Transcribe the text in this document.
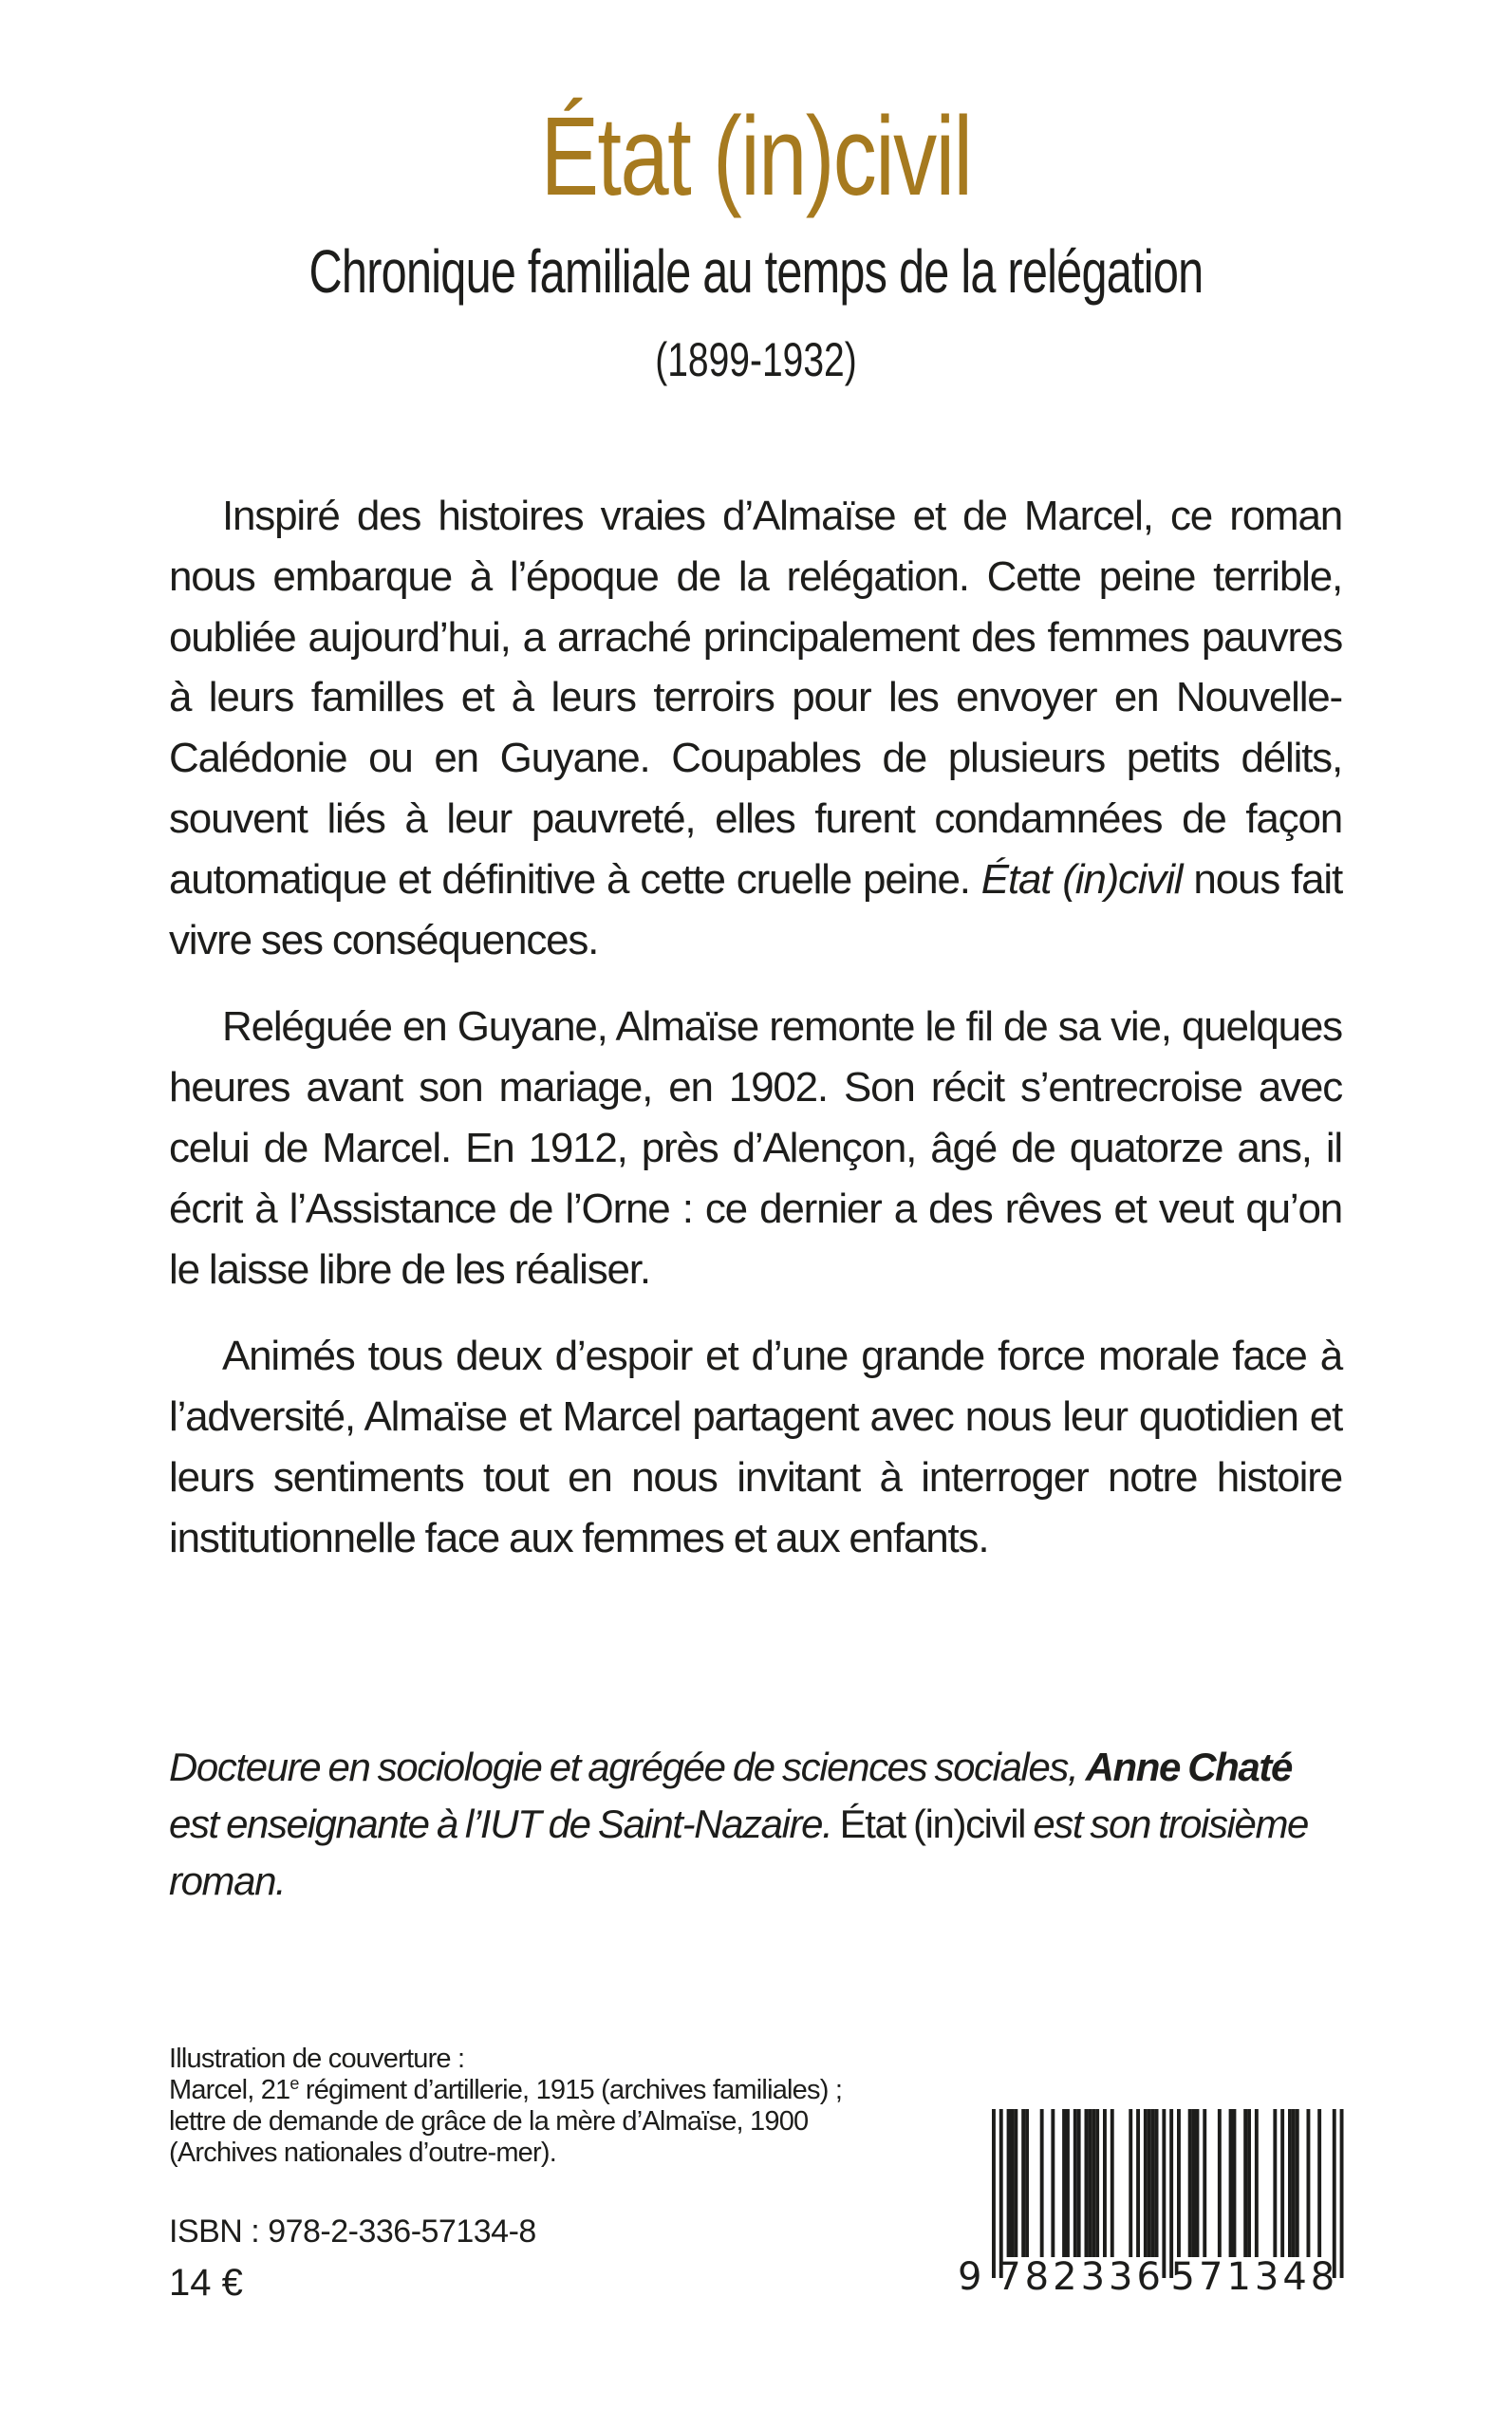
État (in)civil
Chronique familiale au temps de la relégation
(1899-1932)

Inspiré des histoires vraies d’Almaïse et de Marcel, ce roman nous embarque à l’époque de la relégation. Cette peine terrible, oubliée aujourd’hui, a arraché principalement des femmes pauvres à leurs familles et à leurs terroirs pour les envoyer en Nouvelle-Calédonie ou en Guyane. Coupables de plusieurs petits délits, souvent liés à leur pauvreté, elles furent condamnées de façon automatique et définitive à cette cruelle peine. État (in)civil nous fait vivre ses conséquences.

Reléguée en Guyane, Almaïse remonte le fil de sa vie, quelques heures avant son mariage, en 1902. Son récit s’entrecroise avec celui de Marcel. En 1912, près d’Alençon, âgé de quatorze ans, il écrit à l’Assistance de l’Orne : ce dernier a des rêves et veut qu’on le laisse libre de les réaliser.

Animés tous deux d’espoir et d’une grande force morale face à l’adversité, Almaïse et Marcel partagent avec nous leur quotidien et leurs sentiments tout en nous invitant à interroger notre histoire institutionnelle face aux femmes et aux enfants.

Docteure en sociologie et agrégée de sciences sociales, Anne Chaté est enseignante à l’IUT de Saint-Nazaire. État (in)civil est son troisième roman.

Illustration de couverture :
Marcel, 21e régiment d’artillerie, 1915 (archives familiales) ;
lettre de demande de grâce de la mère d’Almaïse, 1900
(Archives nationales d’outre-mer).
ISBN : 978-2-336-57134-8
14 €	9 782336 571348
